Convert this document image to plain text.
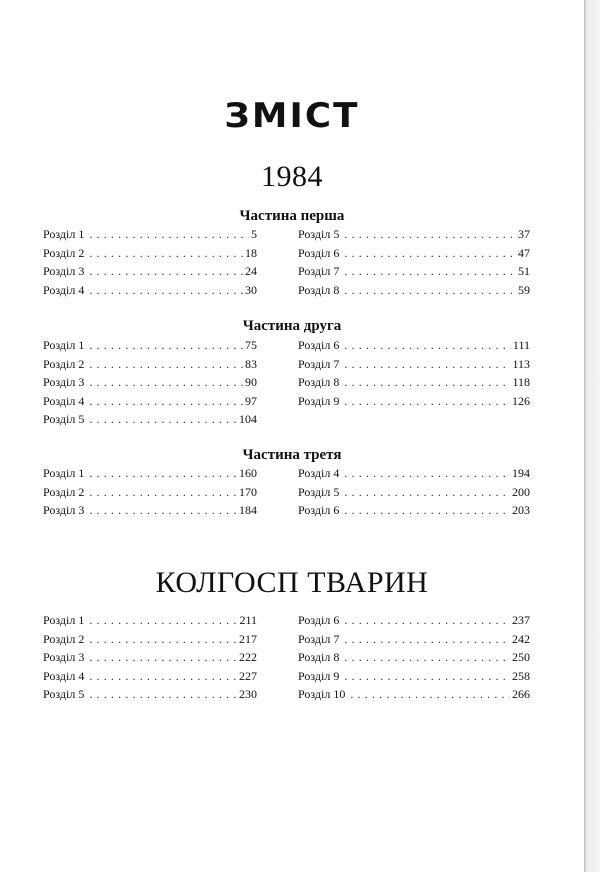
ЗМІСТ
1984
Частина перша
Розділ 1 . . .	5
Розділ 2 . . .	18
Розділ 3 . . .	24
Розділ 4 . . .	30
Розділ 5 . . .	37
Розділ 6 . . .	47
Розділ 7 . . .	51
Розділ 8 . . .	59
Частина друга
Розділ 1 . . .	75
Розділ 2 . . .	83
Розділ 3 . . .	90
Розділ 4 . . .	97
Розділ 5 . . .	104
Розділ 6 . . .	111
Розділ 7 . . .	113
Розділ 8 . . .	118
Розділ 9 . . .	126
Частина третя
Розділ 1 . . .	160
Розділ 2 . . .	170
Розділ 3 . . .	184
Розділ 4 . . .	194
Розділ 5 . . .	200
Розділ 6 . . .	203
КОЛГОСП ТВАРИН
Розділ 1 . . .	211
Розділ 2 . . .	217
Розділ 3 . . .	222
Розділ 4 . . .	227
Розділ 5 . . .	230
Розділ 6 . . .	237
Розділ 7 . . .	242
Розділ 8 . . .	250
Розділ 9 . . .	258
Розділ 10 . . .	266
